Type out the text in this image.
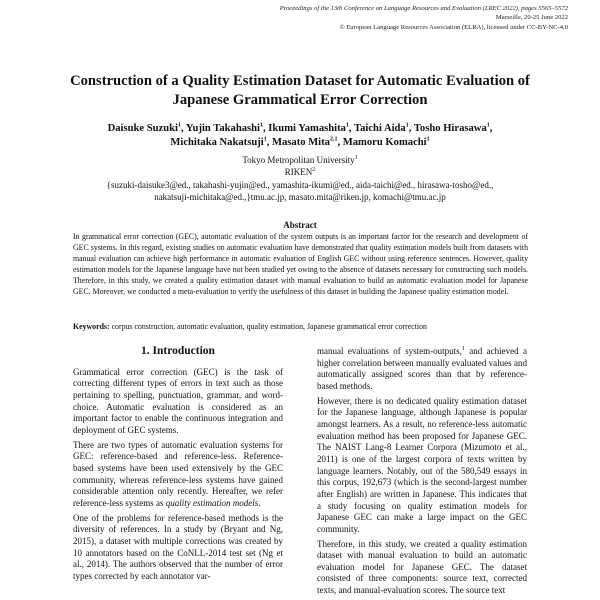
Proceedings of the 13th Conference on Language Resources and Evaluation (LREC 2022), pages 5565–5572
Marseille, 20-25 June 2022
© European Language Resources Association (ELRA), licensed under CC-BY-NC-4.0
Construction of a Quality Estimation Dataset for Automatic Evaluation of
Japanese Grammatical Error Correction
Daisuke Suzuki$^1$, Yujin Takahashi$^1$, Ikumi Yamashita$^1$, Taichi Aida$^1$, Tosho Hirasawa$^1$,
Michitaka Nakatsuji$^1$, Masato Mita$^{2,1}$, Mamoru Komachi$^1$
Tokyo Metropolitan University$^1$
RIKEN$^2$
{suzuki-daisuke3@ed., takahashi-yujin@ed., yamashita-ikumi@ed., aida-taichi@ed., hirasawa-tosho@ed.,
nakatsuji-michitaka@ed.,}tmu.ac.jp, masato.mita@riken.jp, komachi@tmu.ac.jp
Abstract
In grammatical error correction (GEC), automatic evaluation of the system outputs is an important factor for the research and development of GEC systems. In this regard, existing studies on automatic evaluation have demonstrated that quality estimation models built from datasets with manual evaluation can achieve high performance in automatic evaluation of English GEC without using reference sentences. However, quality estimation models for the Japanese language have not been studied yet owing to the absence of datasets necessary for constructing such models. Therefore, in this study, we created a quality estimation dataset with manual evaluation to build an automatic evaluation model for Japanese GEC. Moreover, we conducted a meta-evaluation to verify the usefulness of this dataset in building the Japanese quality estimation model.
Keywords: corpus construction, automatic evaluation, quality estimation, Japanese grammatical error correction
1. Introduction
Grammatical error correction (GEC) is the task of correcting different types of errors in text such as those pertaining to spelling, punctuation, grammar, and word-choice. Automatic evaluation is considered as an important factor to enable the continuous integration and deployment of GEC systems.
There are two types of automatic evaluation systems for GEC: reference-based and reference-less. Reference-based systems have been used extensively by the GEC community, whereas reference-less systems have gained considerable attention only recently. Hereafter, we refer reference-less systems as quality estimation models.
One of the problems for reference-based methods is the diversity of references. In a study by (Bryant and Ng, 2015), a dataset with multiple corrections was created by 10 annotators based on the CoNLL-2014 test set (Ng et al., 2014). The authors observed that the number of error types corrected by each annotator var-
manual evaluations of system-outputs,$^1$ and achieved a higher correlation between manually evaluated values and automatically assigned scores than that by reference-based methods.
However, there is no dedicated quality estimation dataset for the Japanese language, although Japanese is popular amongst learners. As a result, no reference-less automatic evaluation method has been proposed for Japanese GEC. The NAIST Lang-8 Learner Corpora (Mizumoto et al., 2011) is one of the largest corpora of texts written by language learners. Notably, out of the 580,549 essays in this corpus, 192,673 (which is the second-largest number after English) are written in Japanese. This indicates that a study focusing on quality estimation models for Japanese GEC can make a large impact on the GEC community.
Therefore, in this study, we created a quality estimation dataset with manual evaluation to build an automatic evaluation model for Japanese GEC. The dataset consisted of three components: source text, corrected texts, and manual-evaluation scores. The source text
